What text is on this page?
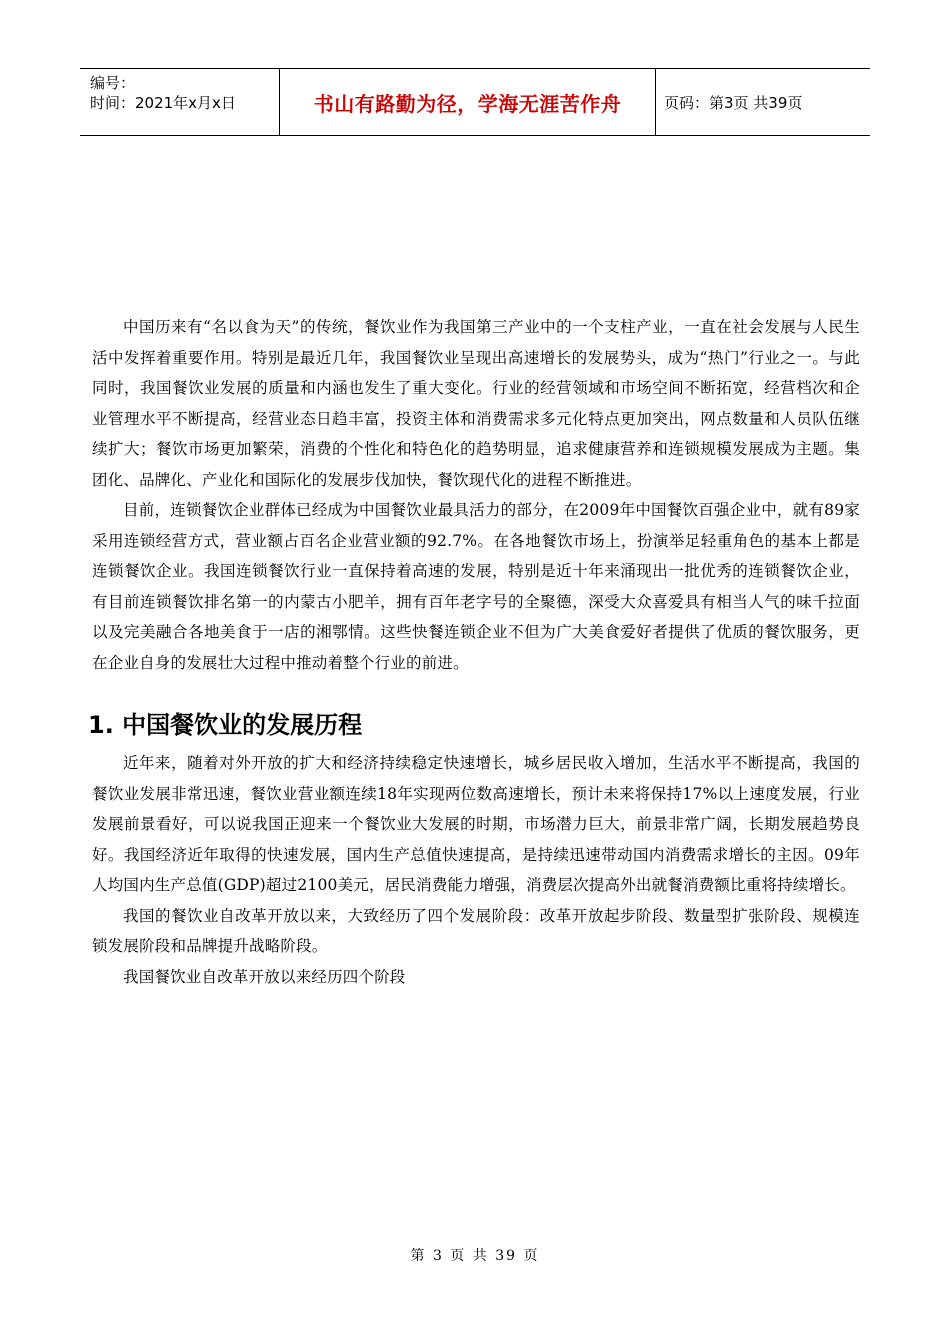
编号：
时间：2021年x月x日	书山有路勤为径，学海无涯苦作舟	页码：第3页 共39页

中国历来有“名以食为天”的传统，餐饮业作为我国第三产业中的一个支柱产业，一直在社会发展与人民生活中发挥着重要作用。特别是最近几年，我国餐饮业呈现出高速增长的发展势头，成为“热门”行业之一。与此同时，我国餐饮业发展的质量和内涵也发生了重大变化。行业的经营领域和市场空间不断拓宽，经营档次和企业管理水平不断提高，经营业态日趋丰富，投资主体和消费需求多元化特点更加突出，网点数量和人员队伍继续扩大；餐饮市场更加繁荣，消费的个性化和特色化的趋势明显，追求健康营养和连锁规模发展成为主题。集团化、品牌化、产业化和国际化的发展步伐加快，餐饮现代化的进程不断推进。

目前，连锁餐饮企业群体已经成为中国餐饮业最具活力的部分，在2009年中国餐饮百强企业中，就有89家采用连锁经营方式，营业额占百名企业营业额的92.7%。在各地餐饮市场上，扮演举足轻重角色的基本上都是连锁餐饮企业。我国连锁餐饮行业一直保持着高速的发展，特别是近十年来涌现出一批优秀的连锁餐饮企业，有目前连锁餐饮排名第一的内蒙古小肥羊，拥有百年老字号的全聚德，深受大众喜爱具有相当人气的味千拉面以及完美融合各地美食于一店的湘鄂情。这些快餐连锁企业不但为广大美食爱好者提供了优质的餐饮服务，更在企业自身的发展壮大过程中推动着整个行业的前进。

1. 中国餐饮业的发展历程

近年来，随着对外开放的扩大和经济持续稳定快速增长，城乡居民收入增加，生活水平不断提高，我国的餐饮业发展非常迅速，餐饮业营业额连续18年实现两位数高速增长，预计未来将保持17%以上速度发展，行业发展前景看好，可以说我国正迎来一个餐饮业大发展的时期，市场潜力巨大，前景非常广阔，长期发展趋势良好。我国经济近年取得的快速发展，国内生产总值快速提高，是持续迅速带动国内消费需求增长的主因。09年人均国内生产总值(GDP)超过2100美元，居民消费能力增强，消费层次提高外出就餐消费额比重将持续增长。

我国的餐饮业自改革开放以来，大致经历了四个发展阶段：改革开放起步阶段、数量型扩张阶段、规模连锁发展阶段和品牌提升战略阶段。

我国餐饮业自改革开放以来经历四个阶段

第 3 页 共 39 页
